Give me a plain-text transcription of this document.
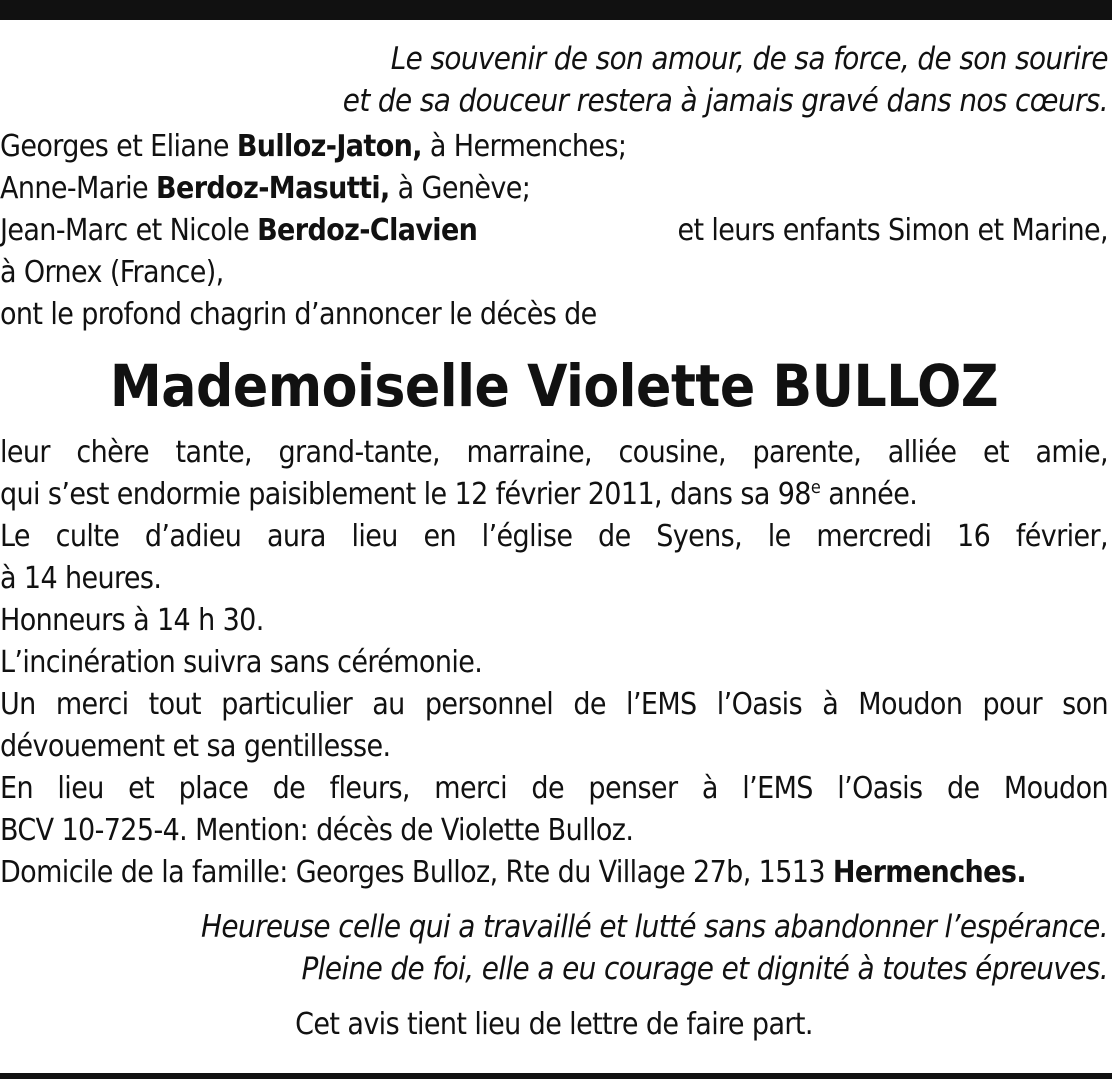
Le souvenir de son amour, de sa force, de son sourire
et de sa douceur restera à jamais gravé dans nos cœurs.
Georges et Eliane Bulloz-Jaton, à Hermenches;
Anne-Marie Berdoz-Masutti, à Genève;
Jean-Marc et Nicole Berdoz-Clavien	et leurs enfants Simon et Marine,
à Ornex (France),
ont le profond chagrin d’annoncer le décès de
Mademoiselle Violette BULLOZ
leur chère tante, grand-tante, marraine, cousine, parente, alliée et amie,
qui s’est endormie paisiblement le 12 février 2011, dans sa 98e année.
Le culte d’adieu aura lieu en l’église de Syens, le mercredi 16 février,
à 14 heures.
Honneurs à 14 h 30.
L’incinération suivra sans cérémonie.
Un merci tout particulier au personnel de l’EMS l’Oasis à Moudon pour son
dévouement et sa gentillesse.
En lieu et place de fleurs, merci de penser à l’EMS l’Oasis de Moudon
BCV 10-725-4. Mention: décès de Violette Bulloz.
Domicile de la famille: Georges Bulloz, Rte du Village 27b, 1513 Hermenches.
Heureuse celle qui a travaillé et lutté sans abandonner l’espérance.
Pleine de foi, elle a eu courage et dignité à toutes épreuves.
Cet avis tient lieu de lettre de faire part.
